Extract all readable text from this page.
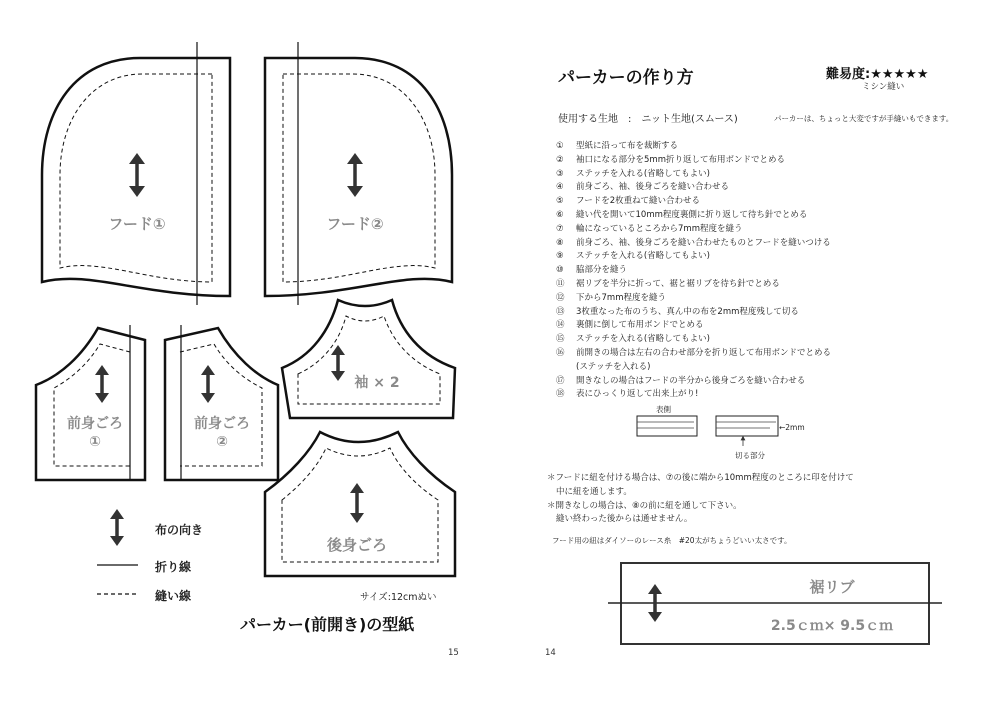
フード①	フード②
前身ごろ
①
前身ごろ
②
袖 × 2
後身ごろ
裾リブ
2.5ｃｍ× 9.5ｃｍ
布の向き
折り線
縫い線	サイズ:12cmぬい
パーカー(前開き)の型紙
15
パーカーの作り方	難易度:★★★★★
ミシン縫い
使用する生地　:　ニット生地(スムース)	パーカーは、ちょっと大変ですが手縫いもできます。
①	型紙に沿って布を裁断する
②	袖口になる部分を5mm折り返して布用ボンドでとめる
③	ステッチを入れる(省略してもよい)
④	前身ごろ、袖、後身ごろを縫い合わせる
⑤	フードを2枚重ねて縫い合わせる
⑥	縫い代を開いて10mm程度裏側に折り返して待ち針でとめる
⑦	輪になっているところから7mm程度を縫う
⑧	前身ごろ、袖、後身ごろを縫い合わせたものとフードを縫いつける
⑨	ステッチを入れる(省略してもよい)
⑩	脇部分を縫う
⑪	裾リブを半分に折って、裾と裾リブを待ち針でとめる
⑫	下から7mm程度を縫う
⑬	3枚重なった布のうち、真ん中の布を2mm程度残して切る
⑭	裏側に倒して布用ボンドでとめる
⑮	ステッチを入れる(省略してもよい)
⑯	前開きの場合は左右の合わせ部分を折り返して布用ボンドでとめる
(ステッチを入れる)
⑰	開きなしの場合はフードの半分から後身ごろを縫い合わせる
⑱	表にひっくり返して出来上がり!
表側
←2mm
切る部分
＊フードに紐を付ける場合は、⑦の後に端から10mm程度のところに印を付けて
中に紐を通します。
＊開きなしの場合は、⑧の前に紐を通して下さい。
縫い終わった後からは通せません。
フード用の紐はダイソーのレース糸　#20太がちょうどいい太さです。
14
